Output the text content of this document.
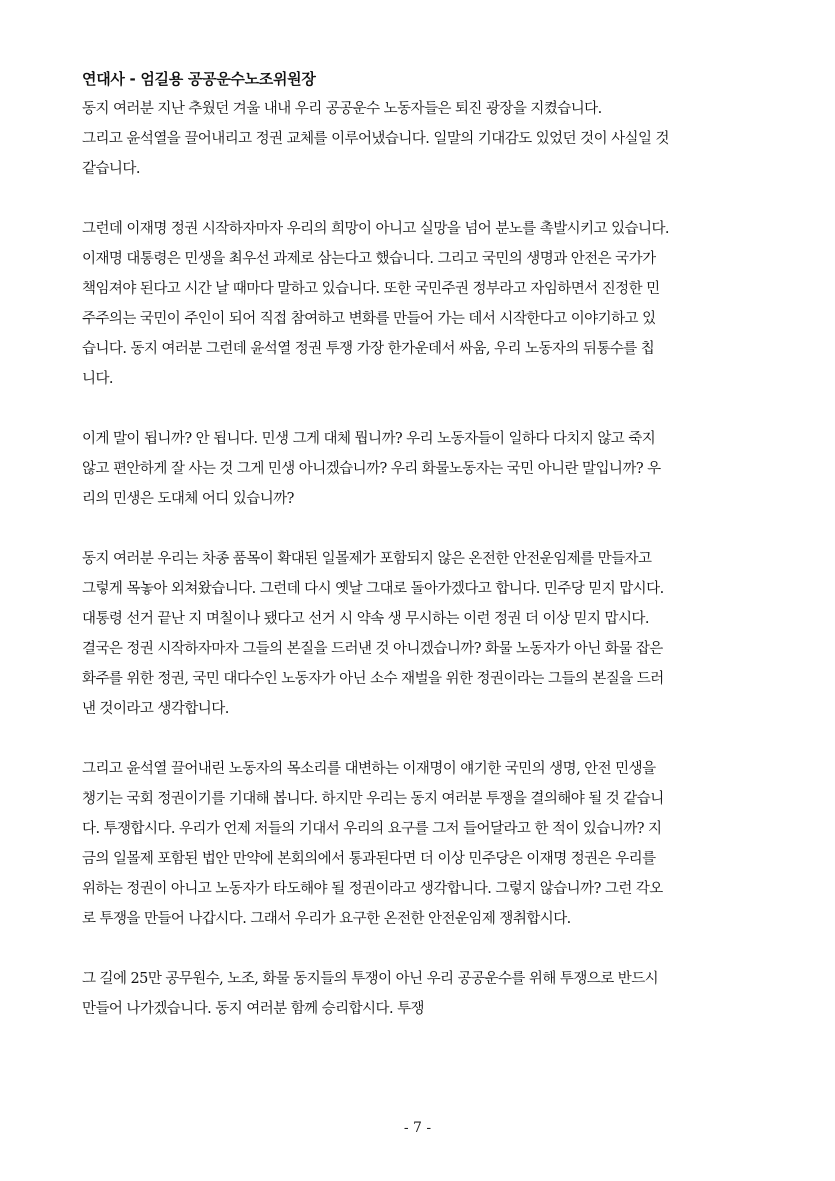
연대사 - 엄길용 공공운수노조위원장
동지 여러분 지난 추웠던 겨울 내내 우리 공공운수 노동자들은 퇴진 광장을 지켰습니다.
그리고 윤석열을 끌어내리고 정권 교체를 이루어냈습니다. 일말의 기대감도 있었던 것이 사실일 것
같습니다.
그런데 이재명 정권 시작하자마자 우리의 희망이 아니고 실망을 넘어 분노를 촉발시키고 있습니다.
이재명 대통령은 민생을 최우선 과제로 삼는다고 했습니다. 그리고 국민의 생명과 안전은 국가가
책임져야 된다고 시간 날 때마다 말하고 있습니다. 또한 국민주권 정부라고 자임하면서 진정한 민
주주의는 국민이 주인이 되어 직접 참여하고 변화를 만들어 가는 데서 시작한다고 이야기하고 있
습니다. 동지 여러분 그런데 윤석열 정권 투쟁 가장 한가운데서 싸움, 우리 노동자의 뒤통수를 칩
니다.
이게 말이 됩니까? 안 됩니다. 민생 그게 대체 뭡니까? 우리 노동자들이 일하다 다치지 않고 죽지
않고 편안하게 잘 사는 것 그게 민생 아니겠습니까? 우리 화물노동자는 국민 아니란 말입니까? 우
리의 민생은 도대체 어디 있습니까?
동지 여러분 우리는 차종 품목이 확대된 일몰제가 포함되지 않은 온전한 안전운임제를 만들자고
그렇게 목놓아 외쳐왔습니다. 그런데 다시 옛날 그대로 돌아가겠다고 합니다. 민주당 믿지 맙시다.
대통령 선거 끝난 지 며칠이나 됐다고 선거 시 약속 생 무시하는 이런 정권 더 이상 믿지 맙시다.
결국은 정권 시작하자마자 그들의 본질을 드러낸 것 아니겠습니까? 화물 노동자가 아닌 화물 잡은
화주를 위한 정권, 국민 대다수인 노동자가 아닌 소수 재벌을 위한 정권이라는 그들의 본질을 드러
낸 것이라고 생각합니다.
그리고 윤석열 끌어내린 노동자의 목소리를 대변하는 이재명이 얘기한 국민의 생명, 안전 민생을
챙기는 국회 정권이기를 기대해 봅니다. 하지만 우리는 동지 여러분 투쟁을 결의해야 될 것 같습니
다. 투쟁합시다. 우리가 언제 저들의 기대서 우리의 요구를 그저 들어달라고 한 적이 있습니까? 지
금의 일몰제 포함된 법안 만약에 본회의에서 통과된다면 더 이상 민주당은 이재명 정권은 우리를
위하는 정권이 아니고 노동자가 타도해야 될 정권이라고 생각합니다. 그렇지 않습니까? 그런 각오
로 투쟁을 만들어 나갑시다. 그래서 우리가 요구한 온전한 안전운임제 쟁취합시다.
그 길에 25만 공무원수, 노조, 화물 동지들의 투쟁이 아닌 우리 공공운수를 위해 투쟁으로 반드시
만들어 나가겠습니다. 동지 여러분 함께 승리합시다. 투쟁
- 7 -
